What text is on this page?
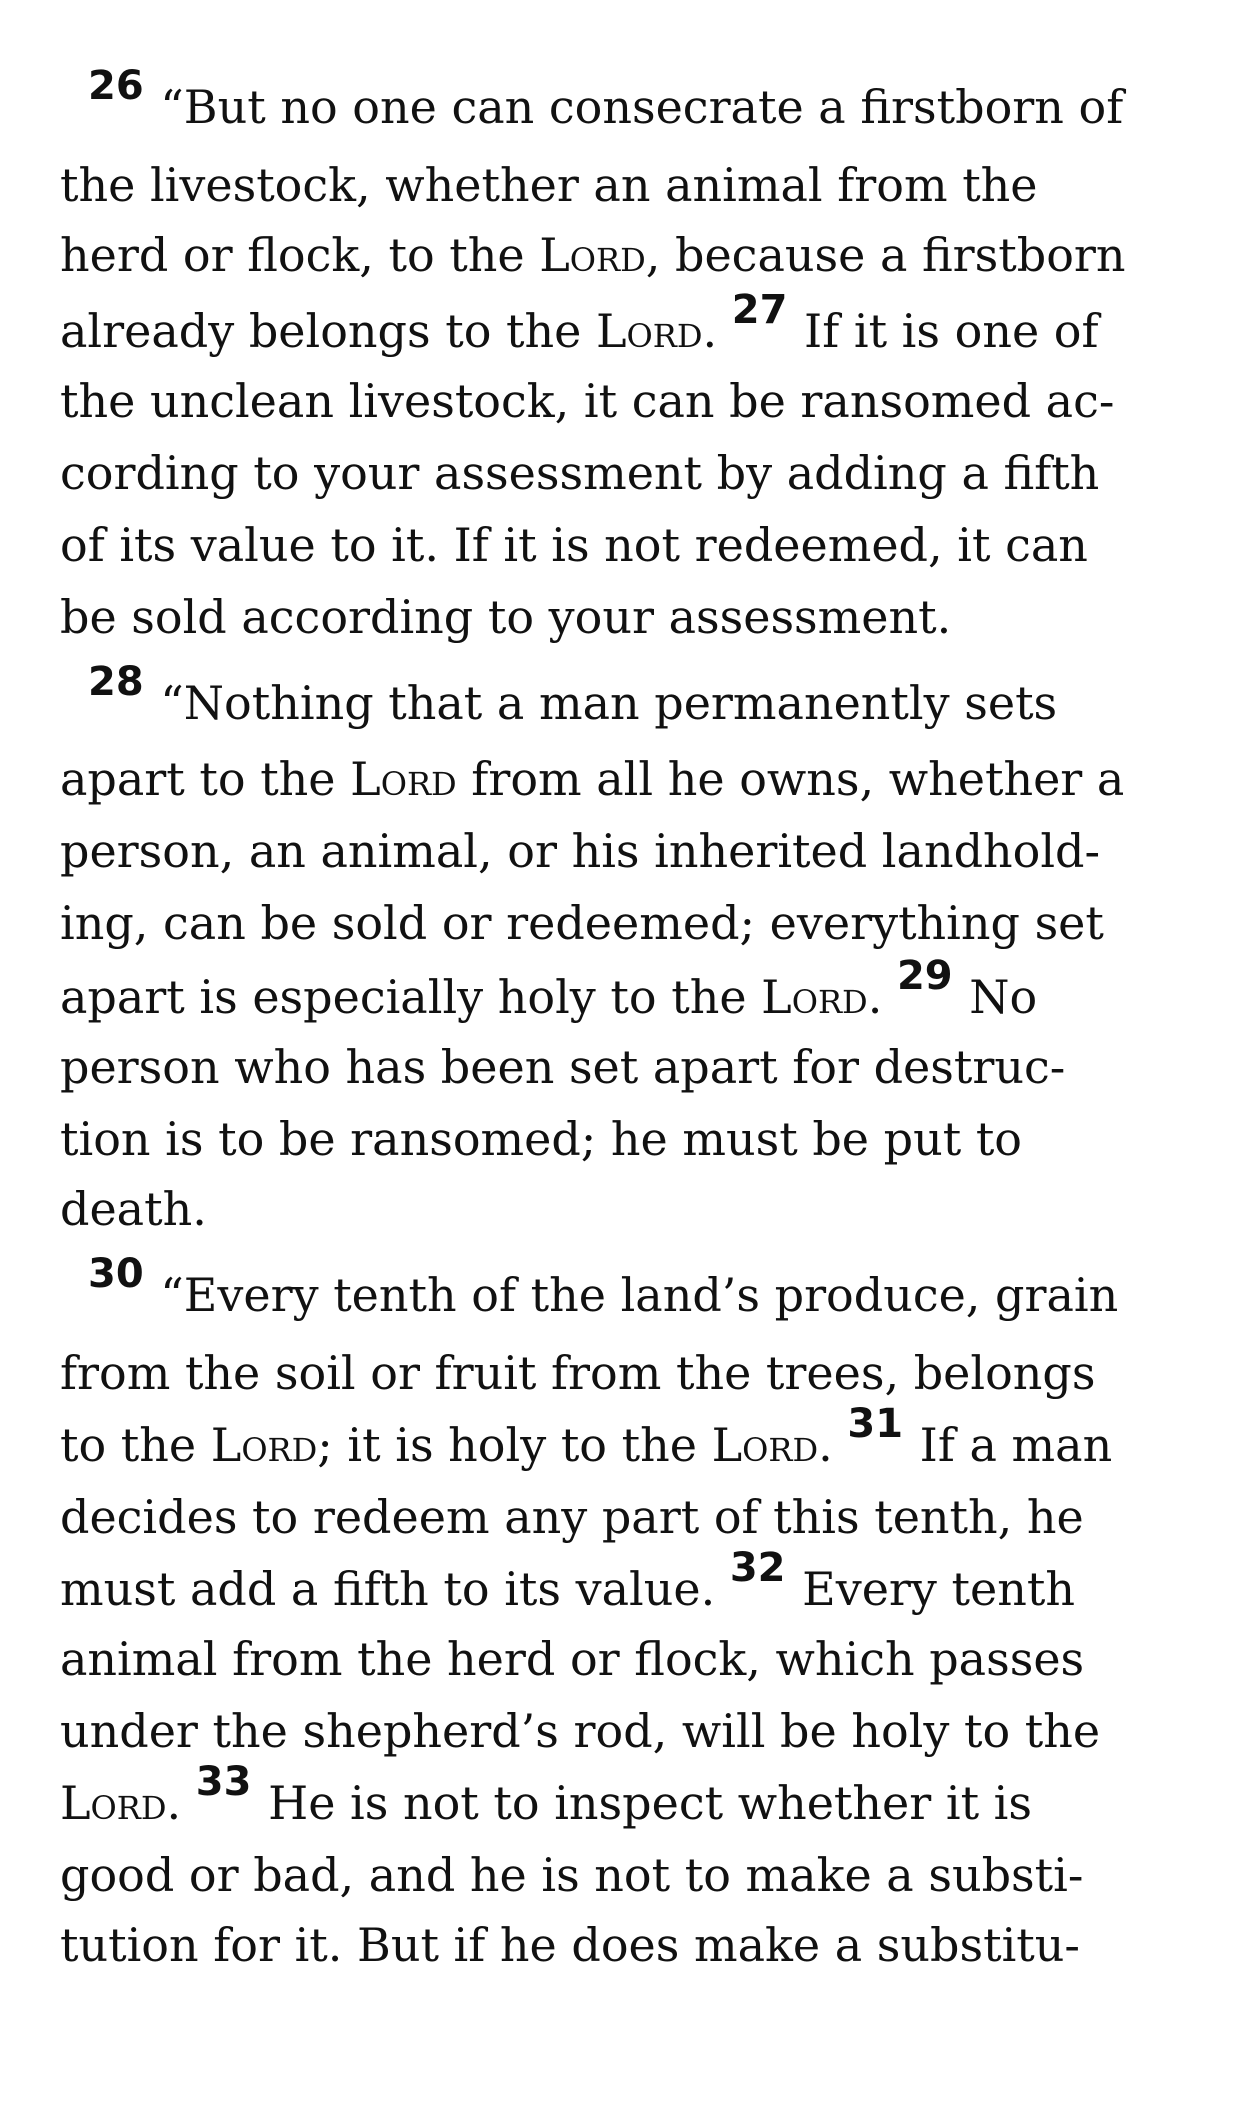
26 “But no one can consecrate a firstborn of
the livestock, whether an animal from the
herd or flock, to the Lord, because a firstborn
already belongs to the Lord. 27 If it is one of
the unclean livestock, it can be ransomed ac-
cording to your assessment by adding a fifth
of its value to it. If it is not redeemed, it can
be sold according to your assessment.
28 “Nothing that a man permanently sets
apart to the Lord from all he owns, whether a
person, an animal, or his inherited landhold-
ing, can be sold or redeemed; everything set
apart is especially holy to the Lord. 29 No
person who has been set apart for destruc-
tion is to be ransomed; he must be put to
death.
30 “Every tenth of the land’s produce, grain
from the soil or fruit from the trees, belongs
to the Lord; it is holy to the Lord. 31 If a man
decides to redeem any part of this tenth, he
must add a fifth to its value. 32 Every tenth
animal from the herd or flock, which passes
under the shepherd’s rod, will be holy to the
Lord. 33 He is not to inspect whether it is
good or bad, and he is not to make a substi-
tution for it. But if he does make a substitu-
